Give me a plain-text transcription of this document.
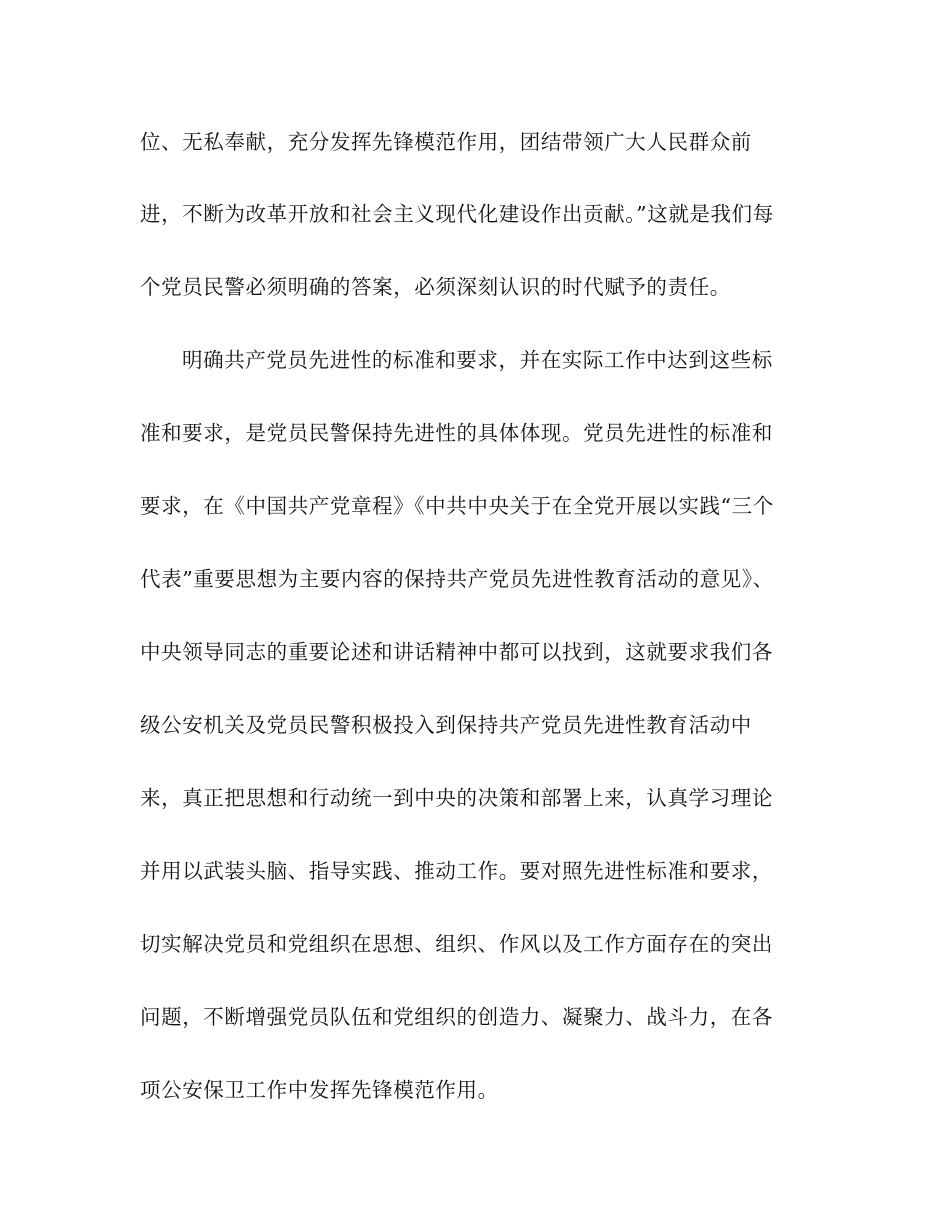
位、无私奉献，充分发挥先锋模范作用，团结带领广大人民群众前
进，不断为改革开放和社会主义现代化建设作出贡献。”这就是我们每
个党员民警必须明确的答案，必须深刻认识的时代赋予的责任。
明确共产党员先进性的标准和要求，并在实际工作中达到这些标
准和要求，是党员民警保持先进性的具体体现。党员先进性的标准和
要求，在《中国共产党章程》《中共中央关于在全党开展以实践“三个
代表”重要思想为主要内容的保持共产党员先进性教育活动的意见》、
中央领导同志的重要论述和讲话精神中都可以找到，这就要求我们各
级公安机关及党员民警积极投入到保持共产党员先进性教育活动中
来，真正把思想和行动统一到中央的决策和部署上来，认真学习理论
并用以武装头脑、指导实践、推动工作。要对照先进性标准和要求，
切实解决党员和党组织在思想、组织、作风以及工作方面存在的突出
问题，不断增强党员队伍和党组织的创造力、凝聚力、战斗力，在各
项公安保卫工作中发挥先锋模范作用。
